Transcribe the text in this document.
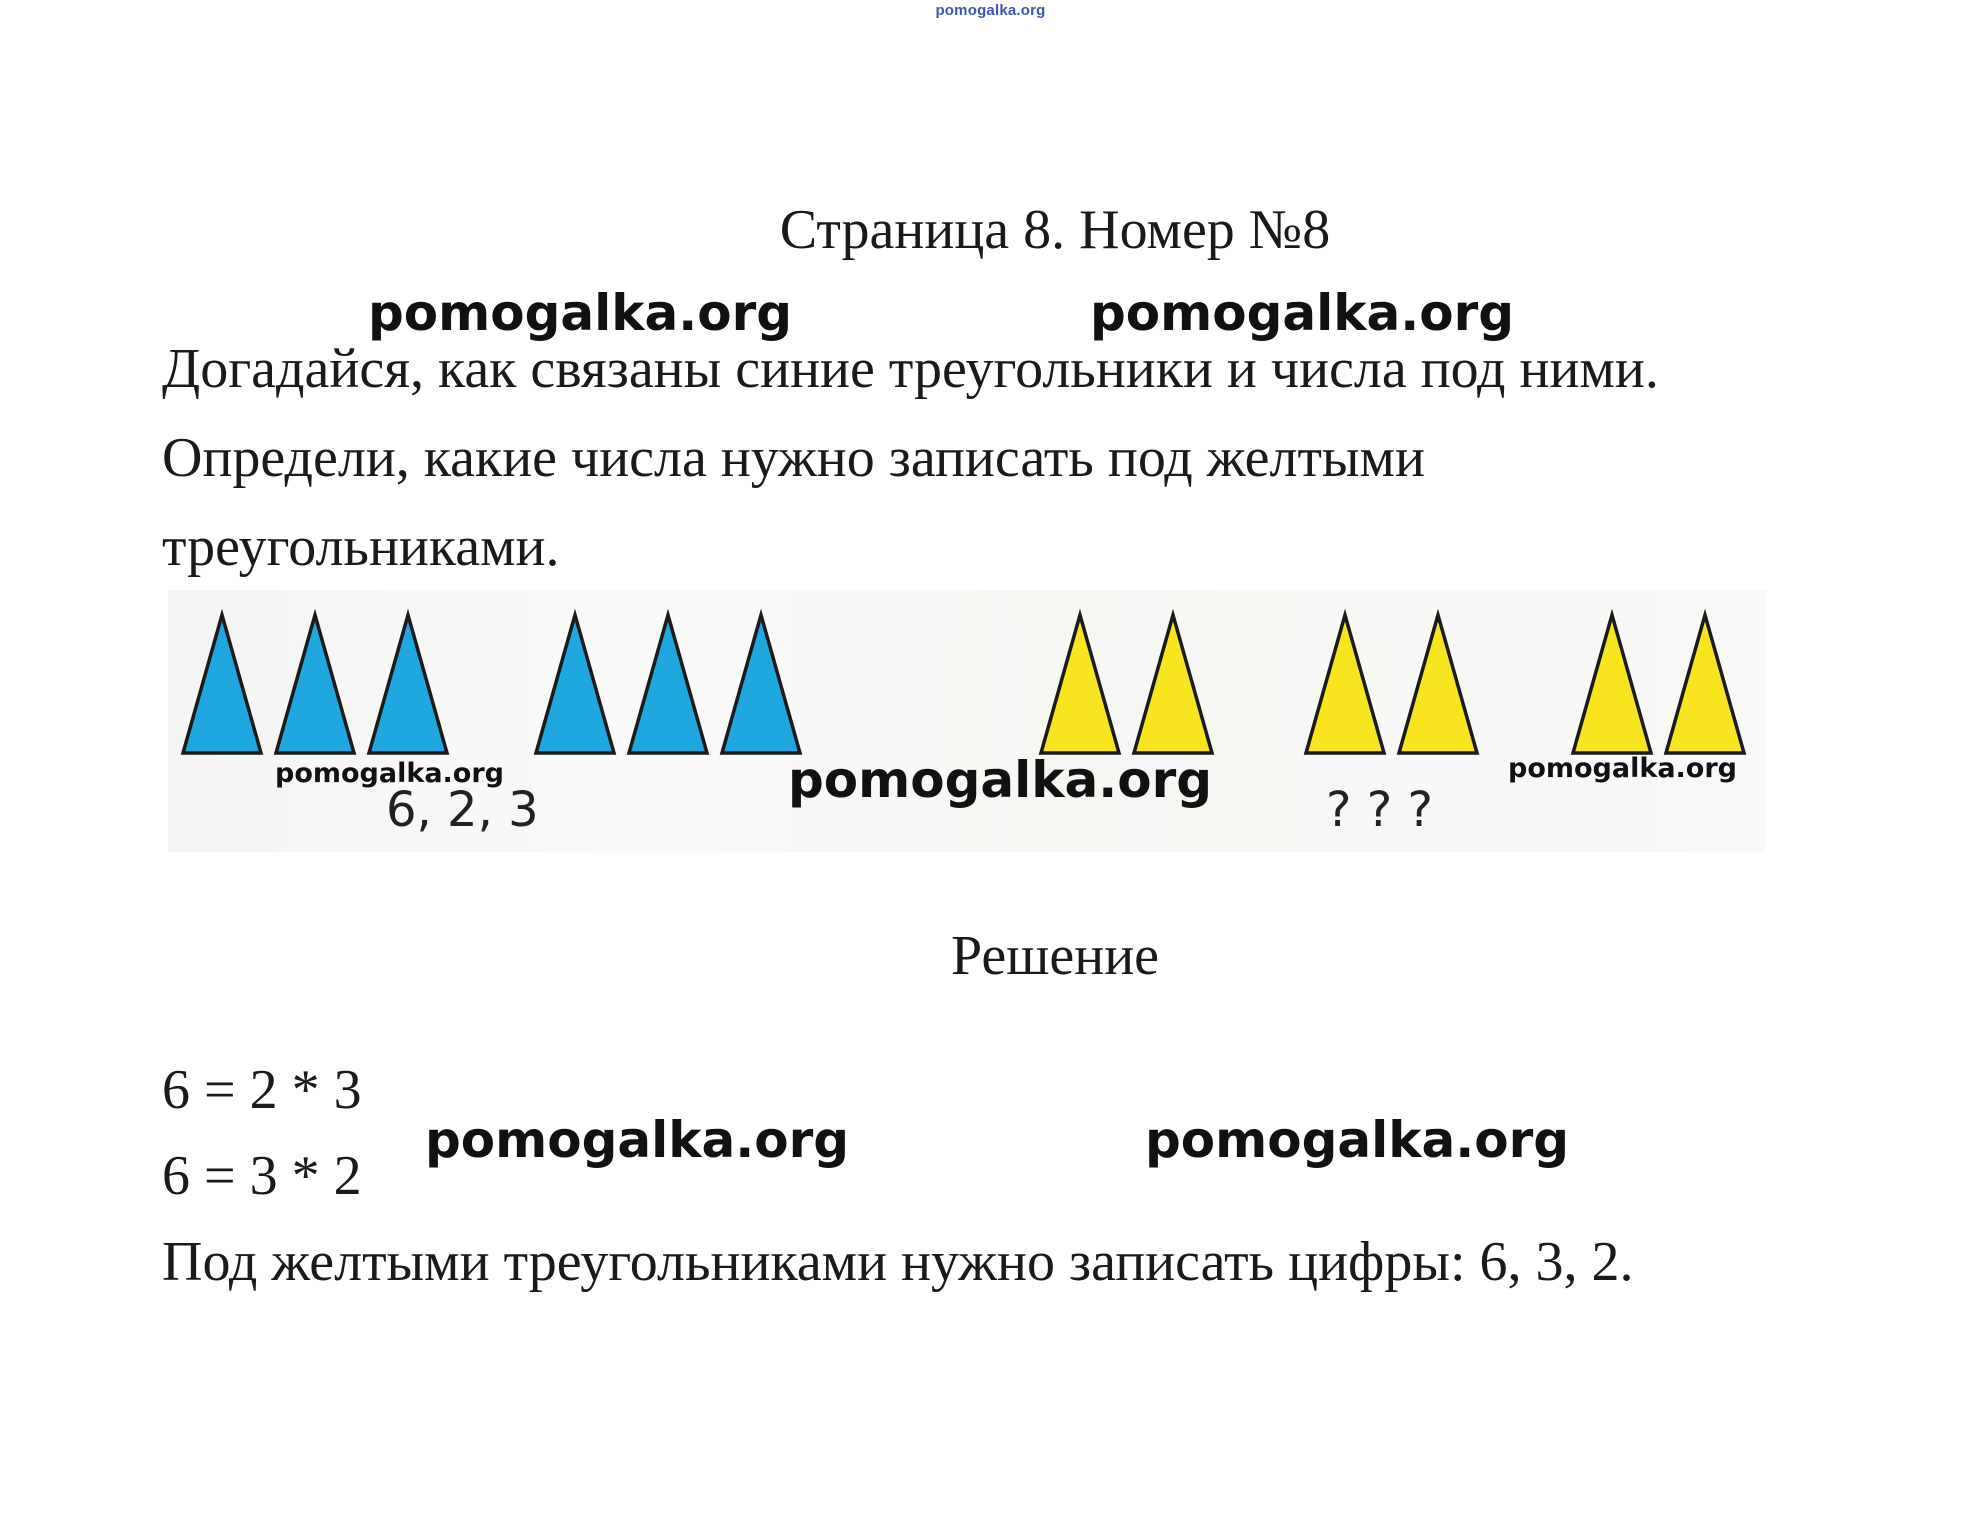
pomogalka.org
Страница 8. Номер №8
pomogalka.org	pomogalka.org
Догадайся, как связаны синие треугольники и числа под ними.
Определи, какие числа нужно записать под желтыми
треугольниками.
6, 2, 3	? ? ?
pomogalka.org	pomogalka.org	pomogalka.org
Решение
6 = 2 * 3
6 = 3 * 2
pomogalka.org	pomogalka.org
Под желтыми треугольниками нужно записать цифры: 6, 3, 2.
